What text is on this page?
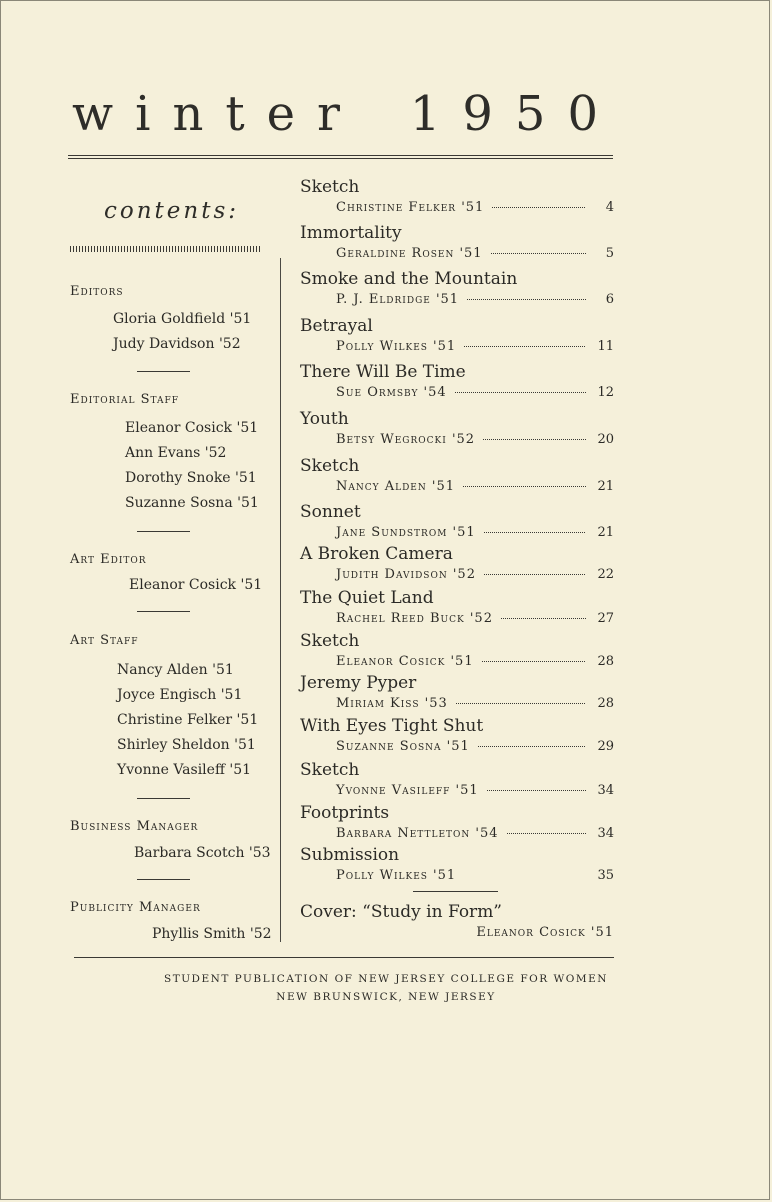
winter 1950
contents:
Editors
Gloria Goldfield '51
Judy Davidson '52
Editorial Staff
Eleanor Cosick '51
Ann Evans '52
Dorothy Snoke '51
Suzanne Sosna '51
Art Editor
Eleanor Cosick '51
Art Staff
Nancy Alden '51
Joyce Engisch '51
Christine Felker '51
Shirley Sheldon '51
Yvonne Vasileff '51
Business Manager
Barbara Scotch '53
Publicity Manager
Phyllis Smith '52
Sketch
Christine Felker '51	4
Immortality
Geraldine Rosen '51	5
Smoke and the Mountain
P. J. Eldridge '51	6
Betrayal
Polly Wilkes '51	11
There Will Be Time
Sue Ormsby '54	12
Youth
Betsy Wegrocki '52	20
Sketch
Nancy Alden '51	21
Sonnet
Jane Sundstrom '51	21
A Broken Camera
Judith Davidson '52	22
The Quiet Land
Rachel Reed Buck '52	27
Sketch
Eleanor Cosick '51	28
Jeremy Pyper
Miriam Kiss '53	28
With Eyes Tight Shut
Suzanne Sosna '51	29
Sketch
Yvonne Vasileff '51	34
Footprints
Barbara Nettleton '54	34
Submission
Polly Wilkes '51	35
Cover: “Study in Form”
Eleanor Cosick '51
STUDENT PUBLICATION OF NEW JERSEY COLLEGE FOR WOMEN
NEW BRUNSWICK, NEW JERSEY
